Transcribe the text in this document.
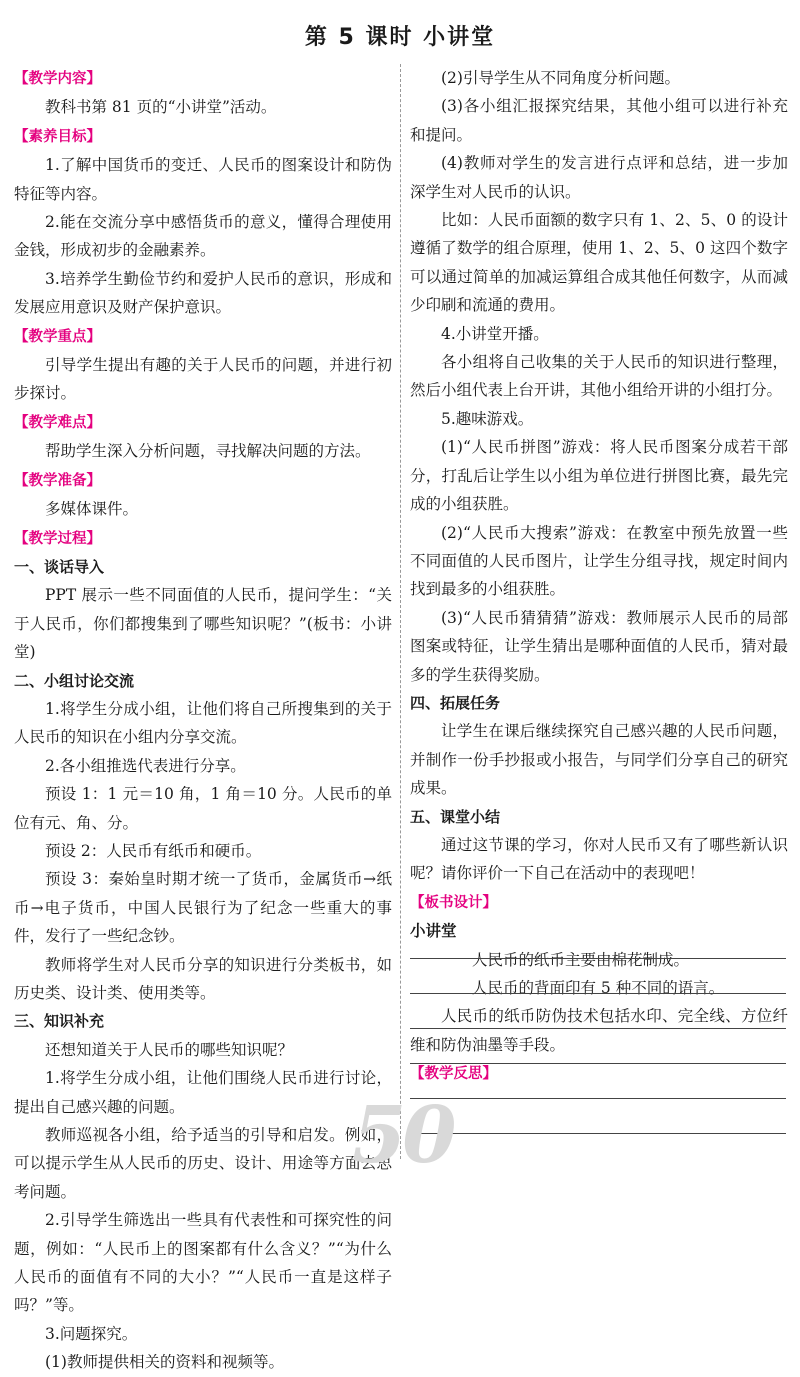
第 5 课时 小讲堂

【教学内容】

教科书第 81 页的“小讲堂”活动。

【素养目标】

1.了解中国货币的变迁、人民币的图案设计和防伪特征等内容。

2.能在交流分享中感悟货币的意义，懂得合理使用金钱，形成初步的金融素养。

3.培养学生勤俭节约和爱护人民币的意识，形成和发展应用意识及财产保护意识。

【教学重点】

引导学生提出有趣的关于人民币的问题，并进行初步探讨。

【教学难点】

帮助学生深入分析问题，寻找解决问题的方法。

【教学准备】

多媒体课件。

【教学过程】

一、谈话导入

PPT 展示一些不同面值的人民币，提问学生：“关于人民币，你们都搜集到了哪些知识呢？”(板书：小讲堂)

二、小组讨论交流

1.将学生分成小组，让他们将自己所搜集到的关于人民币的知识在小组内分享交流。

2.各小组推选代表进行分享。

预设 1：1 元＝10 角，1 角＝10 分。人民币的单位有元、角、分。

预设 2：人民币有纸币和硬币。

预设 3：秦始皇时期才统一了货币，金属货币→纸币→电子货币，中国人民银行为了纪念一些重大的事件，发行了一些纪念钞。

教师将学生对人民币分享的知识进行分类板书，如历史类、设计类、使用类等。

三、知识补充

还想知道关于人民币的哪些知识呢？

1.将学生分成小组，让他们围绕人民币进行讨论，提出自己感兴趣的问题。

教师巡视各小组，给予适当的引导和启发。例如，可以提示学生从人民币的历史、设计、用途等方面去思考问题。

2.引导学生筛选出一些具有代表性和可探究性的问题，例如：“人民币上的图案都有什么含义？”“为什么人民币的面值有不同的大小？”“人民币一直是这样子吗？”等。

3.问题探究。

(1)教师提供相关的资料和视频等。

(2)引导学生从不同角度分析问题。

(3)各小组汇报探究结果，其他小组可以进行补充和提问。

(4)教师对学生的发言进行点评和总结，进一步加深学生对人民币的认识。

比如：人民币面额的数字只有 1、2、5、0 的设计遵循了数学的组合原理，使用 1、2、5、0 这四个数字可以通过简单的加减运算组合成其他任何数字，从而减少印刷和流通的费用。

4.小讲堂开播。

各小组将自己收集的关于人民币的知识进行整理，然后小组代表上台开讲，其他小组给开讲的小组打分。

5.趣味游戏。

(1)“人民币拼图”游戏：将人民币图案分成若干部分，打乱后让学生以小组为单位进行拼图比赛，最先完成的小组获胜。

(2)“人民币大搜索”游戏：在教室中预先放置一些不同面值的人民币图片，让学生分组寻找，规定时间内找到最多的小组获胜。

(3)“人民币猜猜猜”游戏：教师展示人民币的局部图案或特征，让学生猜出是哪种面值的人民币，猜对最多的学生获得奖励。

四、拓展任务

让学生在课后继续探究自己感兴趣的人民币问题，并制作一份手抄报或小报告，与同学们分享自己的研究成果。

五、课堂小结

通过这节课的学习，你对人民币又有了哪些新认识呢？请你评价一下自己在活动中的表现吧！

【板书设计】

小讲堂

人民币的纸币主要由棉花制成。

人民币的背面印有 5 种不同的语言。

人民币的纸币防伪技术包括水印、完全线、方位纤维和防伪油墨等手段。

【教学反思】

50
